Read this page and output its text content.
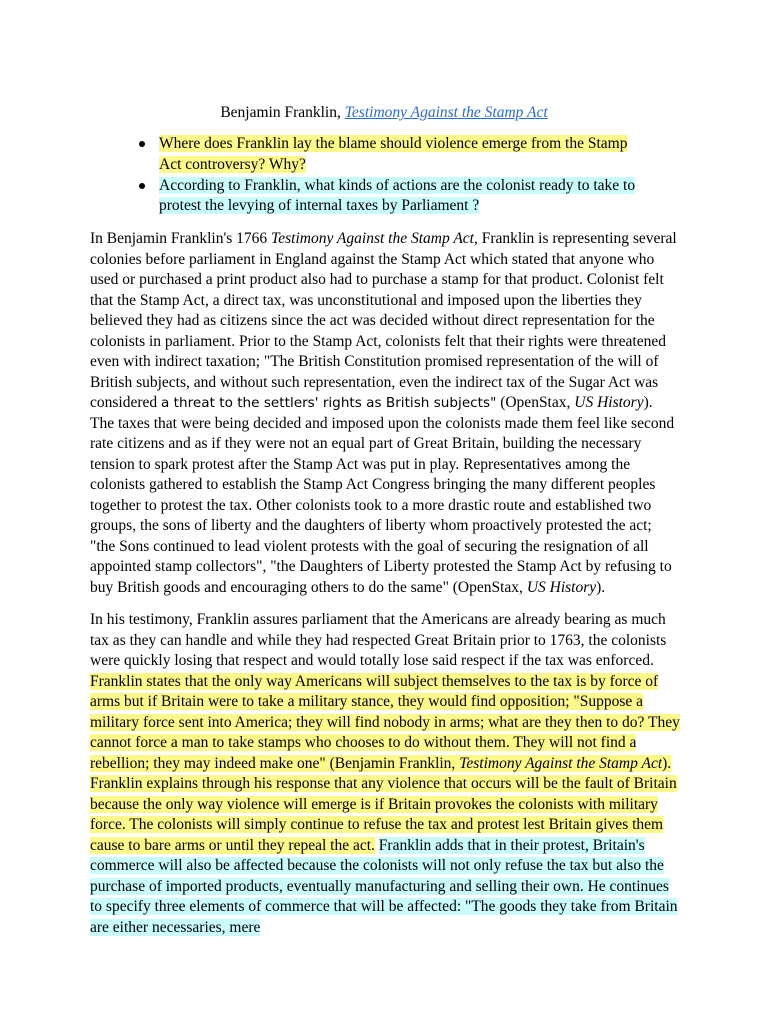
Benjamin Franklin, Testimony Against the Stamp Act
Where does Franklin lay the blame should violence emerge from the Stamp Act controversy? Why?
According to Franklin, what kinds of actions are the colonist ready to take to protest the levying of internal taxes by Parliament ?

In Benjamin Franklin's 1766 Testimony Against the Stamp Act, Franklin is representing several colonies before parliament in England against the Stamp Act which stated that anyone who used or purchased a print product also had to purchase a stamp for that product. Colonist felt that the Stamp Act, a direct tax, was unconstitutional and imposed upon the liberties they believed they had as citizens since the act was decided without direct representation for the colonists in parliament. Prior to the Stamp Act, colonists felt that their rights were threatened even with indirect taxation; "The British Constitution promised representation of the will of British subjects, and without such representation, even the indirect tax of the Sugar Act was considered a threat to the settlers' rights as British subjects" (OpenStax, US History). The taxes that were being decided and imposed upon the colonists made them feel like second rate citizens and as if they were not an equal part of Great Britain, building the necessary tension to spark protest after the Stamp Act was put in play. Representatives among the colonists gathered to establish the Stamp Act Congress bringing the many different peoples together to protest the tax. Other colonists took to a more drastic route and established two groups, the sons of liberty and the daughters of liberty whom proactively protested the act; "the Sons continued to lead violent protests with the goal of securing the resignation of all appointed stamp collectors", "the Daughters of Liberty protested the Stamp Act by refusing to buy British goods and encouraging others to do the same" (OpenStax, US History).

In his testimony, Franklin assures parliament that the Americans are already bearing as much tax as they can handle and while they had respected Great Britain prior to 1763, the colonists were quickly losing that respect and would totally lose said respect if the tax was enforced. Franklin states that the only way Americans will subject themselves to the tax is by force of arms but if Britain were to take a military stance, they would find opposition; "Suppose a military force sent into America; they will find nobody in arms; what are they then to do? They cannot force a man to take stamps who chooses to do without them. They will not find a rebellion; they may indeed make one" (Benjamin Franklin, Testimony Against the Stamp Act). Franklin explains through his response that any violence that occurs will be the fault of Britain because the only way violence will emerge is if Britain provokes the colonists with military force. The colonists will simply continue to refuse the tax and protest lest Britain gives them cause to bare arms or until they repeal the act. Franklin adds that in their protest, Britain's commerce will also be affected because the colonists will not only refuse the tax but also the purchase of imported products, eventually manufacturing and selling their own. He continues to specify three elements of commerce that will be affected: "The goods they take from Britain are either necessaries, mere
